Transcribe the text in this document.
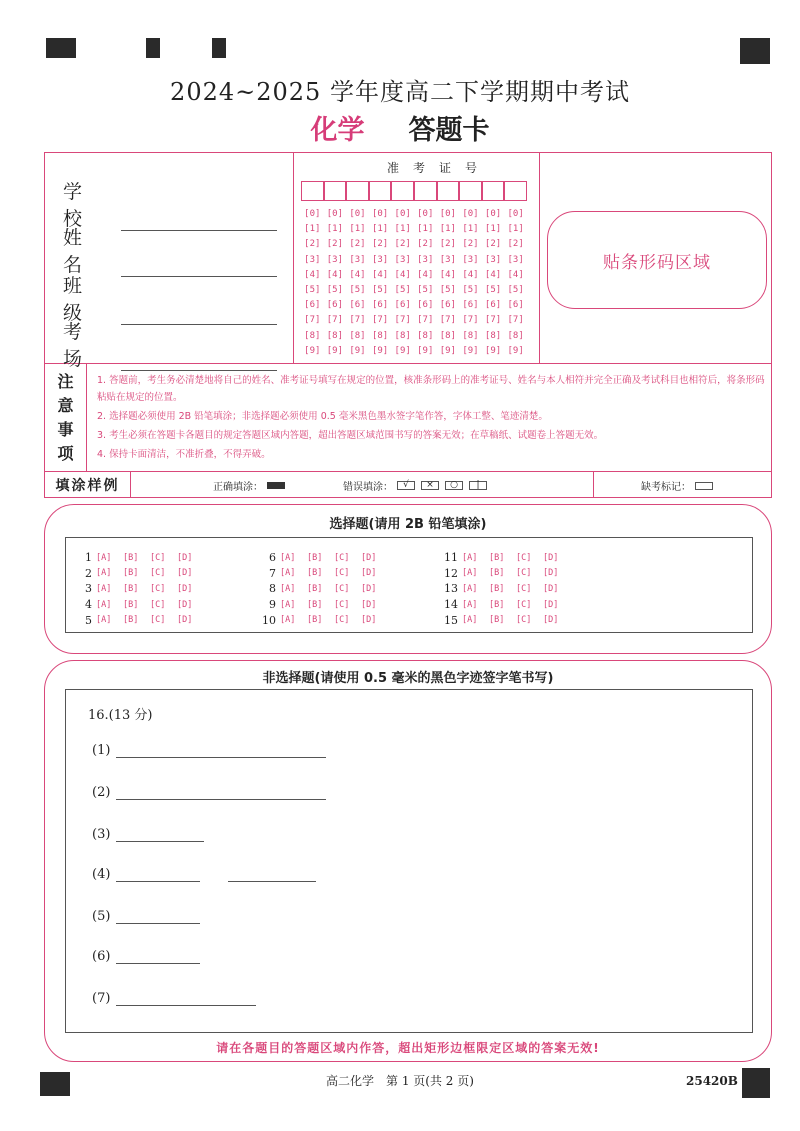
2024~2025 学年度高二下学期期中考试
化学 答题卡
学校
姓名
班级
考场
准考证号
[0] [0] [0] [0] [0] [0] [0] [0] [0] [0]
[1] [1] [1] [1] [1] [1] [1] [1] [1] [1]
[2] [2] [2] [2] [2] [2] [2] [2] [2] [2]
[3] [3] [3] [3] [3] [3] [3] [3] [3] [3]
[4] [4] [4] [4] [4] [4] [4] [4] [4] [4]
[5] [5] [5] [5] [5] [5] [5] [5] [5] [5]
[6] [6] [6] [6] [6] [6] [6] [6] [6] [6]
[7] [7] [7] [7] [7] [7] [7] [7] [7] [7]
[8] [8] [8] [8] [8] [8] [8] [8] [8] [8]
[9] [9] [9] [9] [9] [9] [9] [9] [9] [9]
贴条形码区域
注
意
事
项

1. 答题前，考生务必清楚地将自己的姓名、准考证号填写在规定的位置，核准条形码上的准考证号、姓名与本人相符并完全正确及考试科目也相符后，将条形码粘贴在规定的位置。

2. 选择题必须使用 2B 铅笔填涂；非选择题必须使用 0.5 毫米黑色墨水签字笔作答，字体工整、笔迹清楚。

3. 考生必须在答题卡各题目的规定答题区域内答题，超出答题区域范围书写的答案无效；在草稿纸、试题卷上答题无效。

4. 保持卡面清洁，不准折叠，不得弄破。

填涂样例	正确填涂：	错误填涂：	√	×	○	|	缺考标记：
选择题(请用 2B 铅笔填涂)
1 [A]	[B]	[C]	[D]
2 [A]	[B]	[C]	[D]
3 [A]	[B]	[C]	[D]
4 [A]	[B]	[C]	[D]
5 [A]	[B]	[C]	[D]
6 [A]	[B]	[C]	[D]
7 [A]	[B]	[C]	[D]
8 [A]	[B]	[C]	[D]
9 [A]	[B]	[C]	[D]
10 [A]	[B]	[C]	[D]
11 [A]	[B]	[C]	[D]
12 [A]	[B]	[C]	[D]
13 [A]	[B]	[C]	[D]
14 [A]	[B]	[C]	[D]
15 [A]	[B]	[C]	[D]
非选择题(请使用 0.5 毫米的黑色字迹签字笔书写)
16.(13 分)
(1)
(2)
(3)
(4)
(5)
(6)
(7)
请在各题目的答题区域内作答，超出矩形边框限定区域的答案无效!
高二化学　第 1 页(共 2 页)	25420B
